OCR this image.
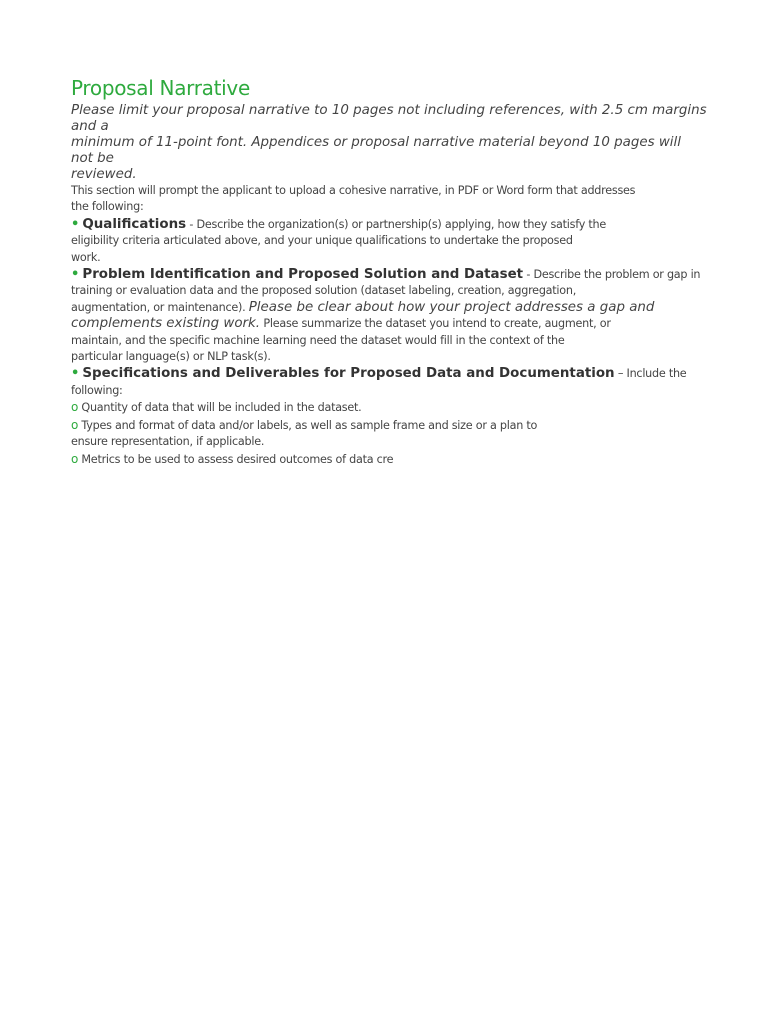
Proposal Narrative
Please limit your proposal narrative to 10 pages not including references, with 2.5 cm margins
and a
minimum of 11-point font. Appendices or proposal narrative material beyond 10 pages will
not be
reviewed.
This section will prompt the applicant to upload a cohesive narrative, in PDF or Word form that addresses
the following:
• Qualifications - Describe the organization(s) or partnership(s) applying, how they satisfy the
eligibility criteria articulated above, and your unique qualifications to undertake the proposed
work.
• Problem Identification and Proposed Solution and Dataset - Describe the problem or gap in
training or evaluation data and the proposed solution (dataset labeling, creation, aggregation,
augmentation, or maintenance). Please be clear about how your project addresses a gap and
complements existing work. Please summarize the dataset you intend to create, augment, or
maintain, and the specific machine learning need the dataset would fill in the context of the
particular language(s) or NLP task(s).
• Specifications and Deliverables for Proposed Data and Documentation – Include the
following:
o Quantity of data that will be included in the dataset.
o Types and format of data and/or labels, as well as sample frame and size or a plan to
ensure representation, if applicable.
o Metrics to be used to assess desired outcomes of data cre
